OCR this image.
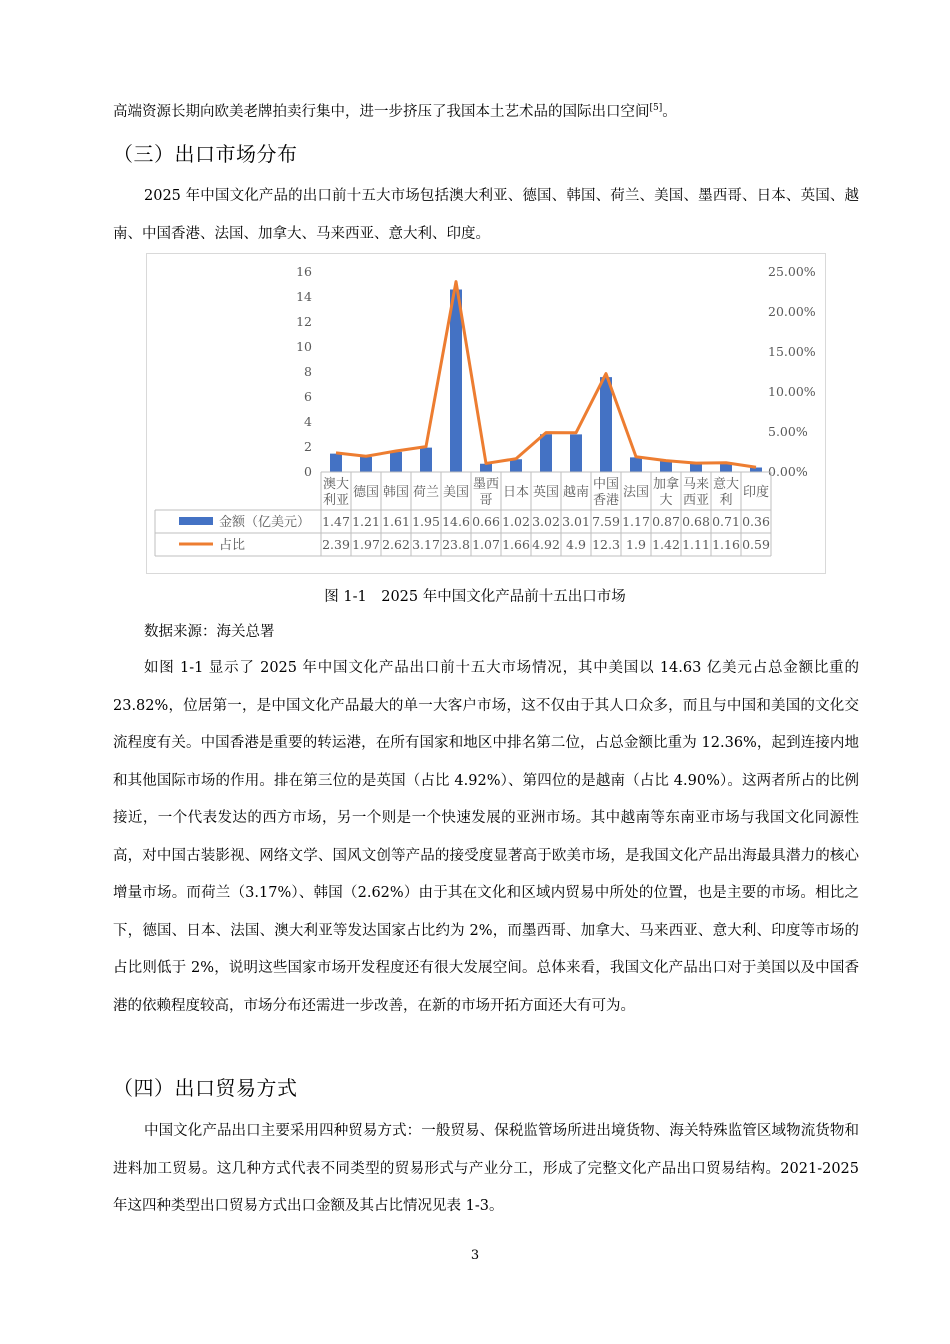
高端资源长期向欧美老牌拍卖行集中，进一步挤压了我国本土艺术品的国际出口空间[5]。

（三）出口市场分布

2025 年中国文化产品的出口前十五大市场包括澳大利亚、德国、韩国、荷兰、美国、墨西哥、日本、英国、越南、中国香港、法国、加拿大、马来西亚、意大利、印度。

0
2
4
6
8
10
12
14
16
0.00%
5.00%
10.00%
15.00%
20.00%
25.00%
澳大
利亚
德国 韩国 荷兰 美国
墨西
哥
日本 英国 越南
中国
香港
法国
加拿
大
马来
西亚
意大
利
印度
金额（亿美元）
占比
1.47 1.21 1.61 1.95 14.6 0.66 1.02 3.02 3.01 7.59 1.17 0.87 0.68 0.71 0.36
2.39 1.97 2.62 3.17 23.8 1.07 1.66 4.92 4.9 12.3 1.9 1.42 1.11 1.16 0.59
图 1-1　2025 年中国文化产品前十五出口市场

数据来源：海关总署

如图 1-1 显示了 2025 年中国文化产品出口前十五大市场情况，其中美国以 14.63 亿美元占总金额比重的 23.82%，位居第一，是中国文化产品最大的单一大客户市场，这不仅由于其人口众多，而且与中国和美国的文化交流程度有关。中国香港是重要的转运港，在所有国家和地区中排名第二位，占总金额比重为 12.36%，起到连接内地和其他国际市场的作用。排在第三位的是英国（占比 4.92%）、第四位的是越南（占比 4.90%）。这两者所占的比例接近，一个代表发达的西方市场，另一个则是一个快速发展的亚洲市场。其中越南等东南亚市场与我国文化同源性高，对中国古装影视、网络文学、国风文创等产品的接受度显著高于欧美市场，是我国文化产品出海最具潜力的核心增量市场。而荷兰（3.17%）、韩国（2.62%）由于其在文化和区域内贸易中所处的位置，也是主要的市场。相比之下，德国、日本、法国、澳大利亚等发达国家占比约为 2%，而墨西哥、加拿大、马来西亚、意大利、印度等市场的占比则低于 2%，说明这些国家市场开发程度还有很大发展空间。总体来看，我国文化产品出口对于美国以及中国香港的依赖程度较高，市场分布还需进一步改善，在新的市场开拓方面还大有可为。

（四）出口贸易方式

中国文化产品出口主要采用四种贸易方式：一般贸易、保税监管场所进出境货物、海关特殊监管区域物流货物和进料加工贸易。这几种方式代表不同类型的贸易形式与产业分工，形成了完整文化产品出口贸易结构。2021-2025 年这四种类型出口贸易方式出口金额及其占比情况见表 1-3。

3
